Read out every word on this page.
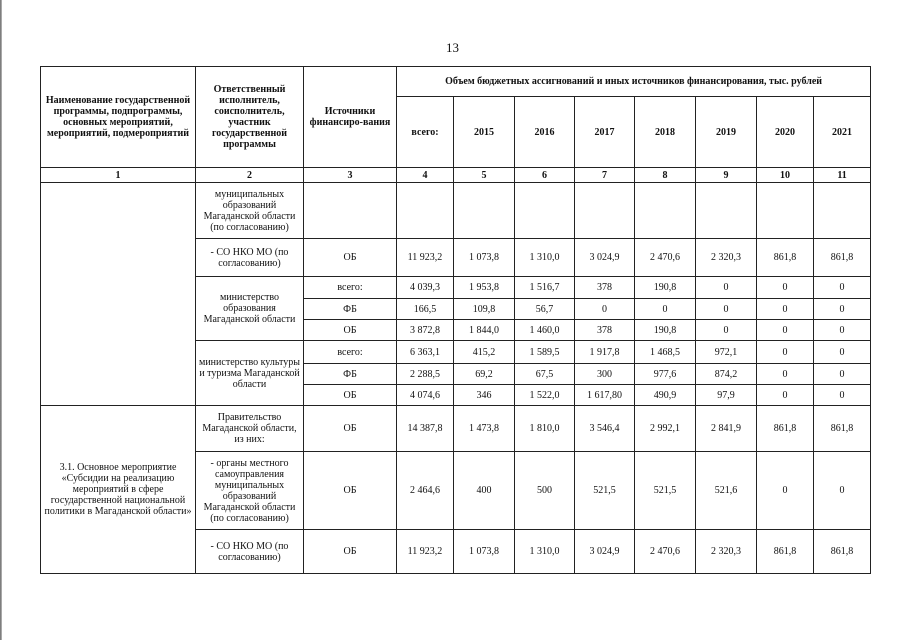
13
Наименование государственной программы, подпрограммы, основных мероприятий, мероприятий, подмероприятий	Ответственный исполнитель, соисполнитель, участник государственной программы	Источники финансиро-вания	Объем бюджетных ассигнований и иных источников финансирования, тыс. рублей							
			всего:	2015	2016	2017	2018	2019	2020	2021
1	2	3	4	5	6	7	8	9	10	11
	муниципальных образований Магаданской области (по согласованию)									
	- СО НКО МО (по согласованию)	ОБ	11 923,2	1 073,8	1 310,0	3 024,9	2 470,6	2 320,3	861,8	861,8
	министерство образования Магаданской области	всего:	4 039,3	1 953,8	1 516,7	378	190,8	0	0	0
		ФБ	166,5	109,8	56,7	0	0	0	0	0
		ОБ	3 872,8	1 844,0	1 460,0	378	190,8	0	0	0
	министерство культуры и туризма Магаданской области	всего:	6 363,1	415,2	1 589,5	1 917,8	1 468,5	972,1	0	0
		ФБ	2 288,5	69,2	67,5	300	977,6	874,2	0	0
		ОБ	4 074,6	346	1 522,0	1 617,80	490,9	97,9	0	0
3.1. Основное мероприятие «Субсидии на реализацию мероприятий в сфере государственной национальной политики в Магаданской области»	Правительство Магаданской области, из них:	ОБ	14 387,8	1 473,8	1 810,0	3 546,4	2 992,1	2 841,9	861,8	861,8
	- органы местного самоуправления муниципальных образований Магаданской области (по согласованию)	ОБ	2 464,6	400	500	521,5	521,5	521,6	0	0
	- СО НКО МО (по согласованию)	ОБ	11 923,2	1 073,8	1 310,0	3 024,9	2 470,6	2 320,3	861,8	861,8
